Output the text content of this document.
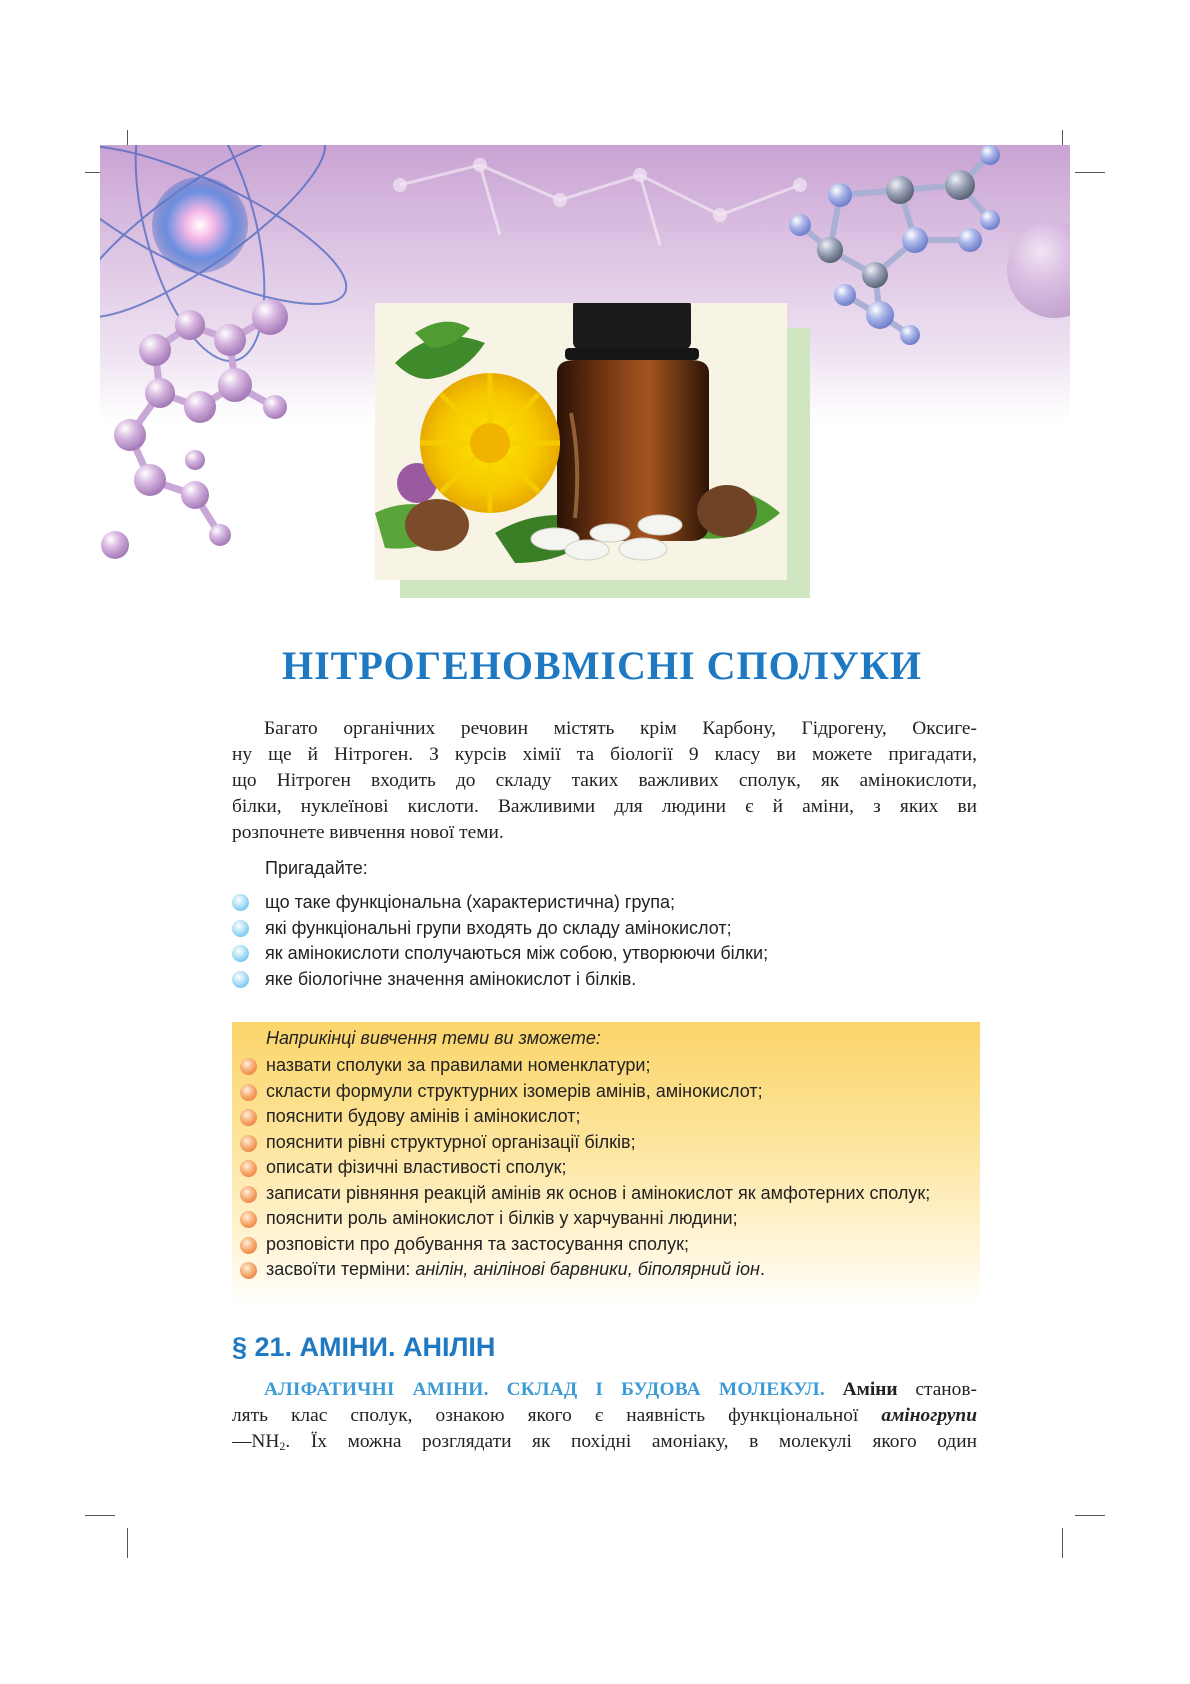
НІТРОГЕНОВМІСНІ СПОЛУКИ
Багато органічних речовин містять крім Карбону, Гідрогену, Оксиге-
ну ще й Нітроген. З курсів хімії та біології 9 класу ви можете пригадати,
що Нітроген входить до складу таких важливих сполук, як амінокислоти,
білки, нуклеїнові кислоти. Важливими для людини є й аміни, з яких ви
розпочнете вивчення нової теми.
Пригадайте:
що таке функціональна (характеристична) група;
які функціональні групи входять до складу амінокислот;
як амінокислоти сполучаються між собою, утворюючи білки;
яке біологічне значення амінокислот і білків.
Наприкінці вивчення теми ви зможете:
назвати сполуки за правилами номенклатури;
скласти формули структурних ізомерів амінів, амінокислот;
пояснити будову амінів і амінокислот;
пояснити рівні структурної організації білків;
описати фізичні властивості сполук;
записати рівняння реакцій амінів як основ і амінокислот як амфотерних сполук;
пояснити роль амінокислот і білків у харчуванні людини;
розповісти про добування та застосування сполук;
засвоїти терміни: анілін, анілінові барвники, біполярний іон.
§ 21. АМІНИ. АНІЛІН
АЛІФАТИЧНІ АМІНИ. СКЛАД І БУДОВА МОЛЕКУЛ. Аміни станов-
лять клас сполук, ознакою якого є наявність функціональної аміногрупи
$—NH_2$. Їх можна розглядати як похідні амоніаку, в молекулі якого один
